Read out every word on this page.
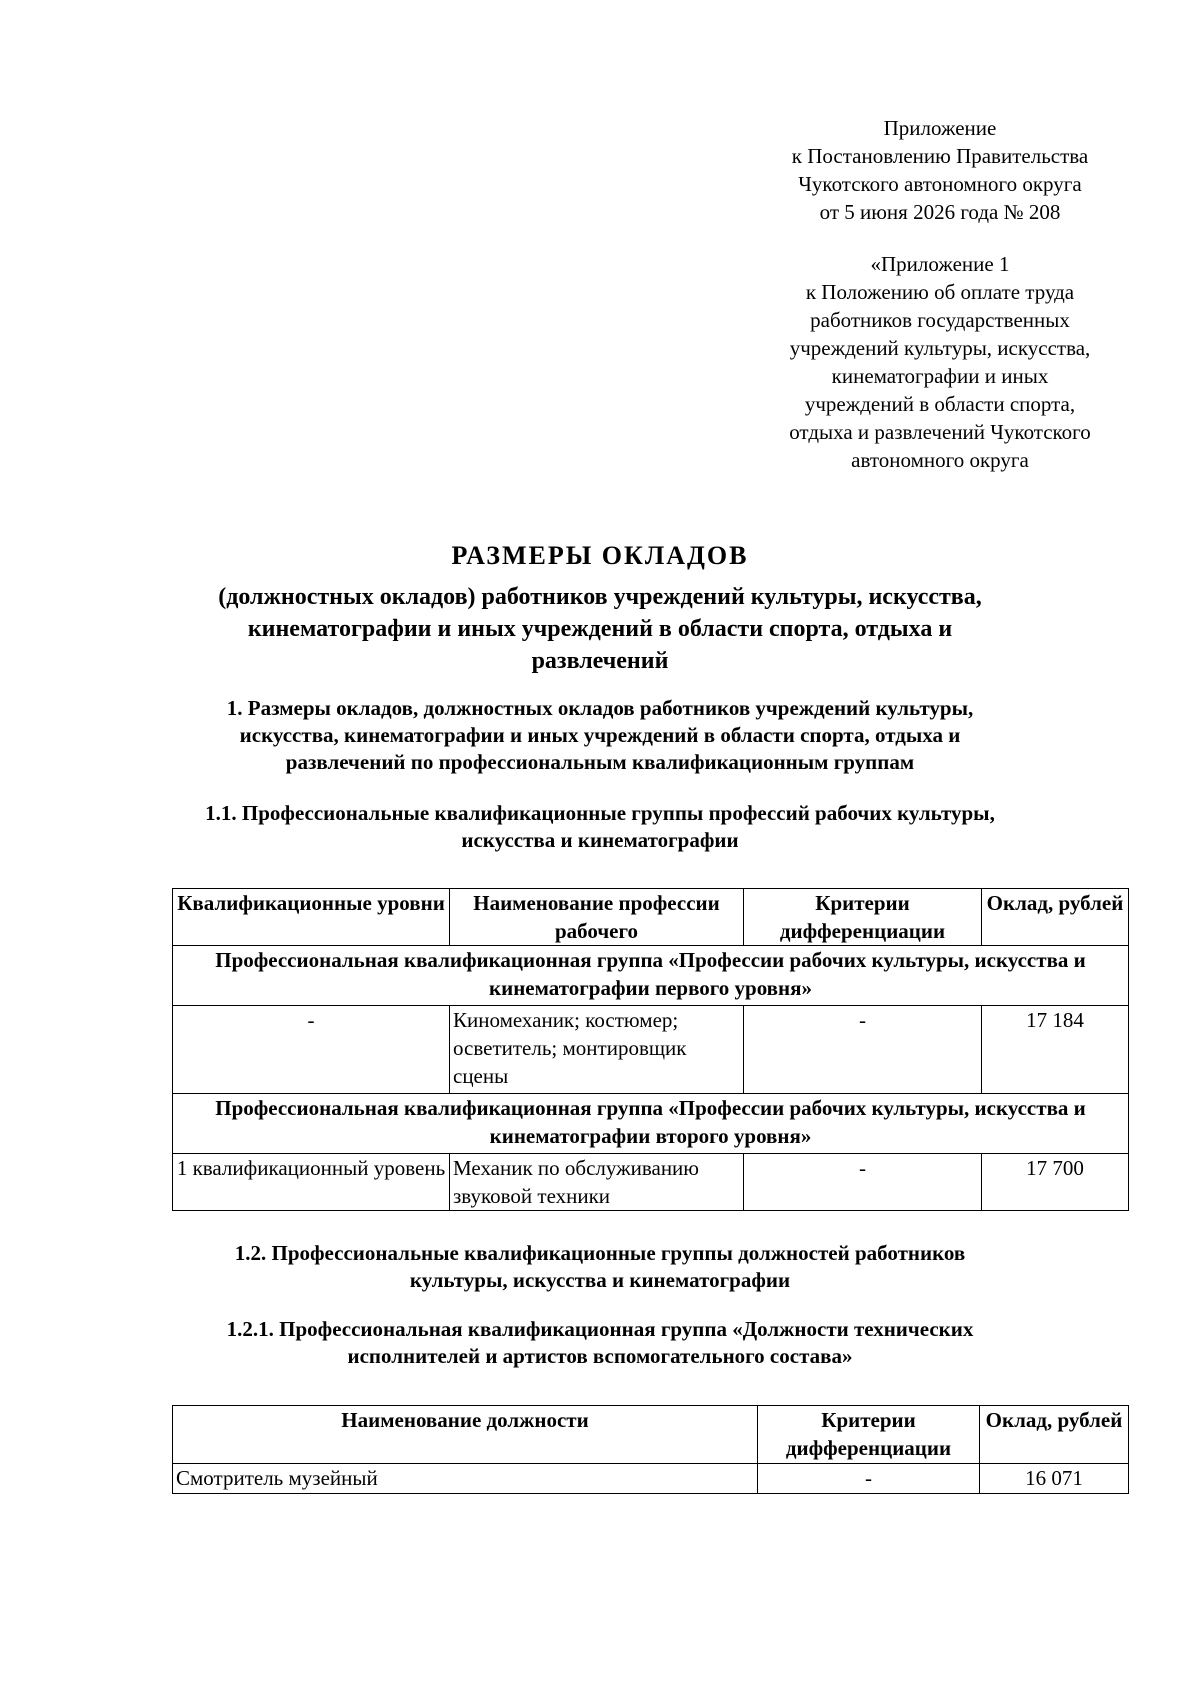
Приложение
к Постановлению Правительства
Чукотского автономного округа
от 5 июня 2026 года № 208
«Приложение 1
к Положению об оплате труда
работников государственных
учреждений культуры, искусства,
кинематографии и иных
учреждений в области спорта,
отдыха и развлечений Чукотского
автономного округа
РАЗМЕРЫ ОКЛАДОВ
(должностных окладов) работников учреждений культуры, искусства,
кинематографии и иных учреждений в области спорта, отдыха и
развлечений
1. Размеры окладов, должностных окладов работников учреждений культуры,
искусства, кинематографии и иных учреждений в области спорта, отдыха и
развлечений по профессиональным квалификационным группам
1.1. Профессиональные квалификационные группы профессий рабочих культуры,
искусства и кинематографии
Квалификационные уровни	Наименование профессии рабочего	Критерии дифференциации	Оклад, рублей
Профессиональная квалификационная группа «Профессии рабочих культуры, искусства и кинематографии первого уровня»			
-	Киномеханик; костюмер; осветитель; монтировщик сцены	-	17 184
Профессиональная квалификационная группа «Профессии рабочих культуры, искусства и кинематографии второго уровня»			
1 квалификационный уровень	Механик по обслуживанию звуковой техники	-	17 700
1.2. Профессиональные квалификационные группы должностей работников
культуры, искусства и кинематографии
1.2.1. Профессиональная квалификационная группа «Должности технических
исполнителей и артистов вспомогательного состава»
Наименование должности	Критерии дифференциации	Оклад, рублей
Смотритель музейный	-	16 071
